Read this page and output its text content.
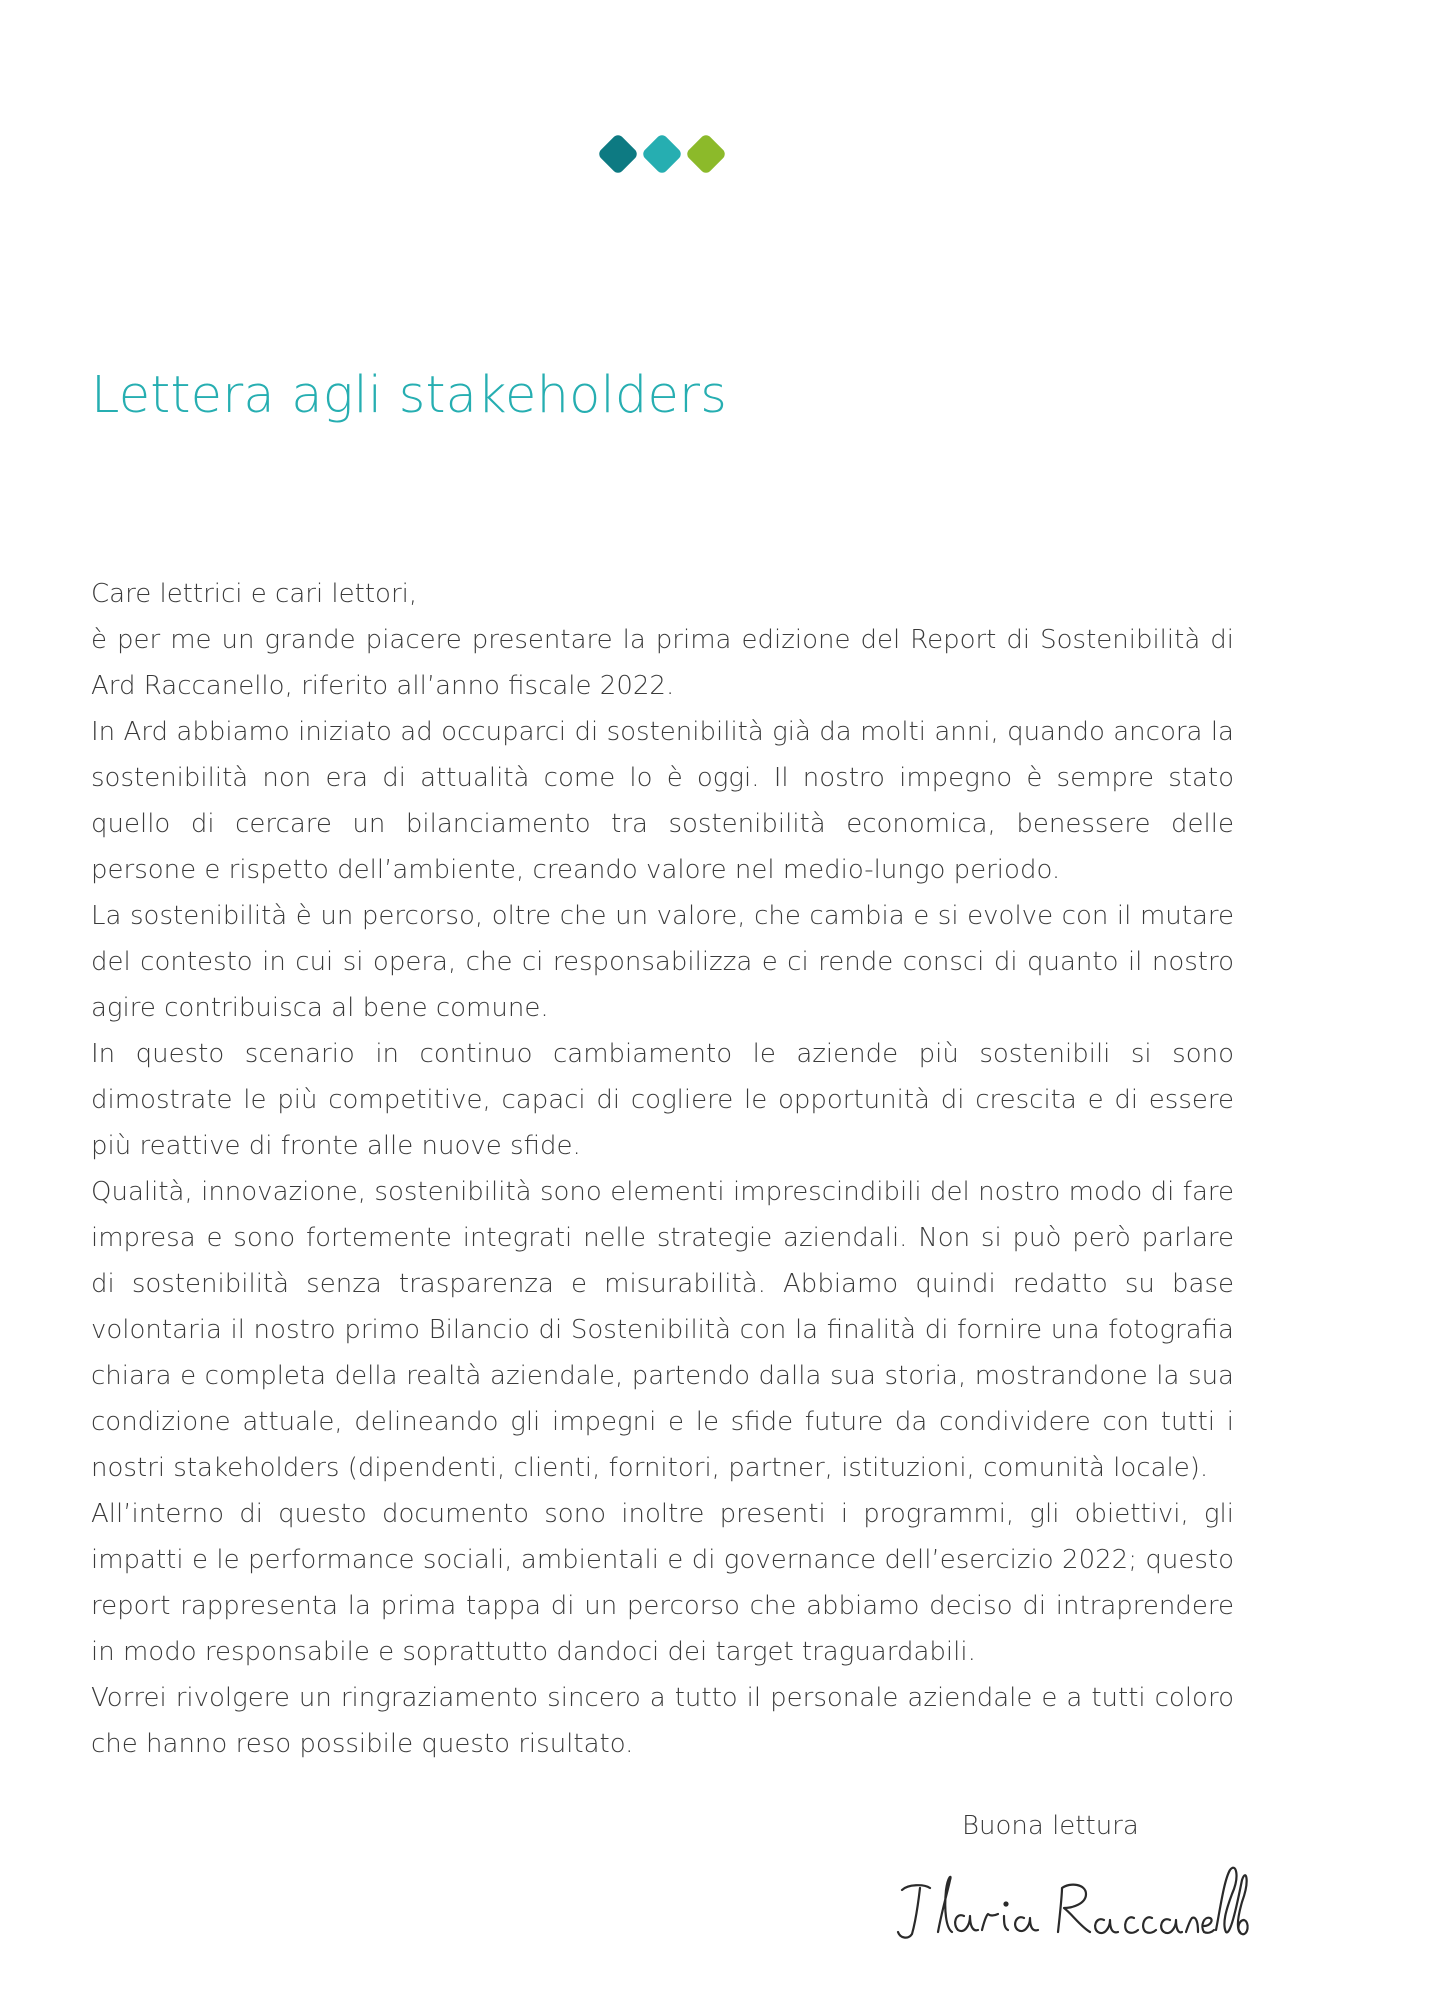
Lettera agli stakeholders

Care lettrici e cari lettori,

è per me un grande piacere presentare la prima edizione del Report di Sostenibilità di Ard Raccanello, riferito all’anno fiscale 2022.

In Ard abbiamo iniziato ad occuparci di sostenibilità già da molti anni, quando ancora la sostenibilità non era di attualità come lo è oggi. Il nostro impegno è sempre stato quello di cercare un bilanciamento tra sostenibilità economica, benessere delle persone e rispetto dell’ambiente, creando valore nel medio-lungo periodo.

La sostenibilità è un percorso, oltre che un valore, che cambia e si evolve con il mutare del contesto in cui si opera, che ci responsabilizza e ci rende consci di quanto il nostro agire contribuisca al bene comune.

In questo scenario in continuo cambiamento le aziende più sostenibili si sono dimostrate le più competitive, capaci di cogliere le opportunità di crescita e di essere più reattive di fronte alle nuove sfide.

Qualità, innovazione, sostenibilità sono elementi imprescindibili del nostro modo di fare impresa e sono fortemente integrati nelle strategie aziendali. Non si può però parlare di sostenibilità senza trasparenza e misurabilità. Abbiamo quindi redatto su base volontaria il nostro primo Bilancio di Sostenibilità con la finalità di fornire una fotografia chiara e completa della realtà aziendale, partendo dalla sua storia, mostrandone la sua condizione attuale, delineando gli impegni e le sfide future da condividere con tutti i nostri stakeholders (dipendenti, clienti, fornitori, partner, istituzioni, comunità locale).

All’interno di questo documento sono inoltre presenti i programmi, gli obiettivi, gli impatti e le performance sociali, ambientali e di governance dell’esercizio 2022; questo report rappresenta la prima tappa di un percorso che abbiamo deciso di intraprendere in modo responsabile e soprattutto dandoci dei target traguardabili.

Vorrei rivolgere un ringraziamento sincero a tutto il personale aziendale e a tutti coloro che hanno reso possibile questo risultato.

Buona lettura
